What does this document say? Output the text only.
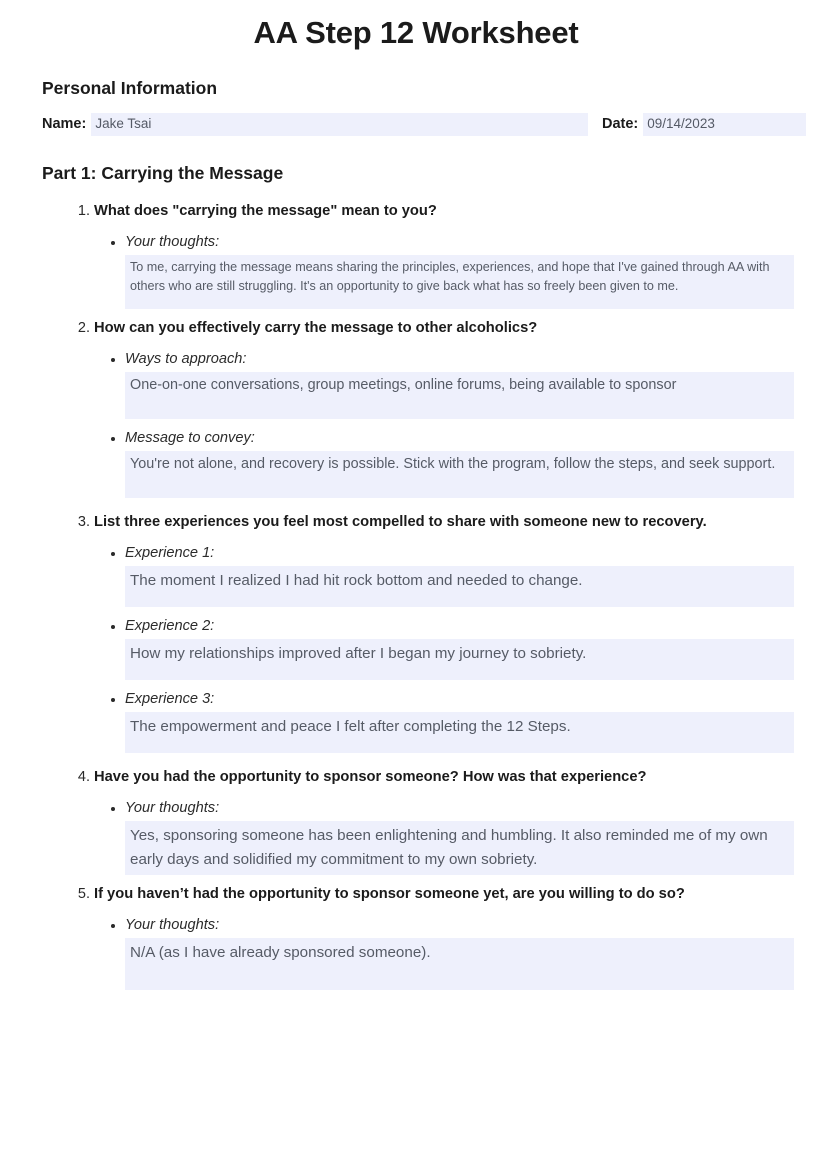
AA Step 12 Worksheet
Personal Information
Name: Jake Tsai	Date: 09/14/2023
Part 1: Carrying the Message
1. What does "carrying the message" mean to you?
• Your thoughts:
To me, carrying the message means sharing the principles, experiences, and hope that I've gained through AA with others who are still struggling. It's an opportunity to give back what has so freely been given to me.
2. How can you effectively carry the message to other alcoholics?
• Ways to approach:
One-on-one conversations, group meetings, online forums, being available to sponsor
• Message to convey:
You're not alone, and recovery is possible. Stick with the program, follow the steps, and seek support.
3. List three experiences you feel most compelled to share with someone new to recovery.
• Experience 1:
The moment I realized I had hit rock bottom and needed to change.
• Experience 2:
How my relationships improved after I began my journey to sobriety.
• Experience 3:
The empowerment and peace I felt after completing the 12 Steps.
4. Have you had the opportunity to sponsor someone? How was that experience?
• Your thoughts:
Yes, sponsoring someone has been enlightening and humbling. It also reminded me of my own early days and solidified my commitment to my own sobriety.
5. If you haven’t had the opportunity to sponsor someone yet, are you willing to do so?
• Your thoughts:
N/A (as I have already sponsored someone).
